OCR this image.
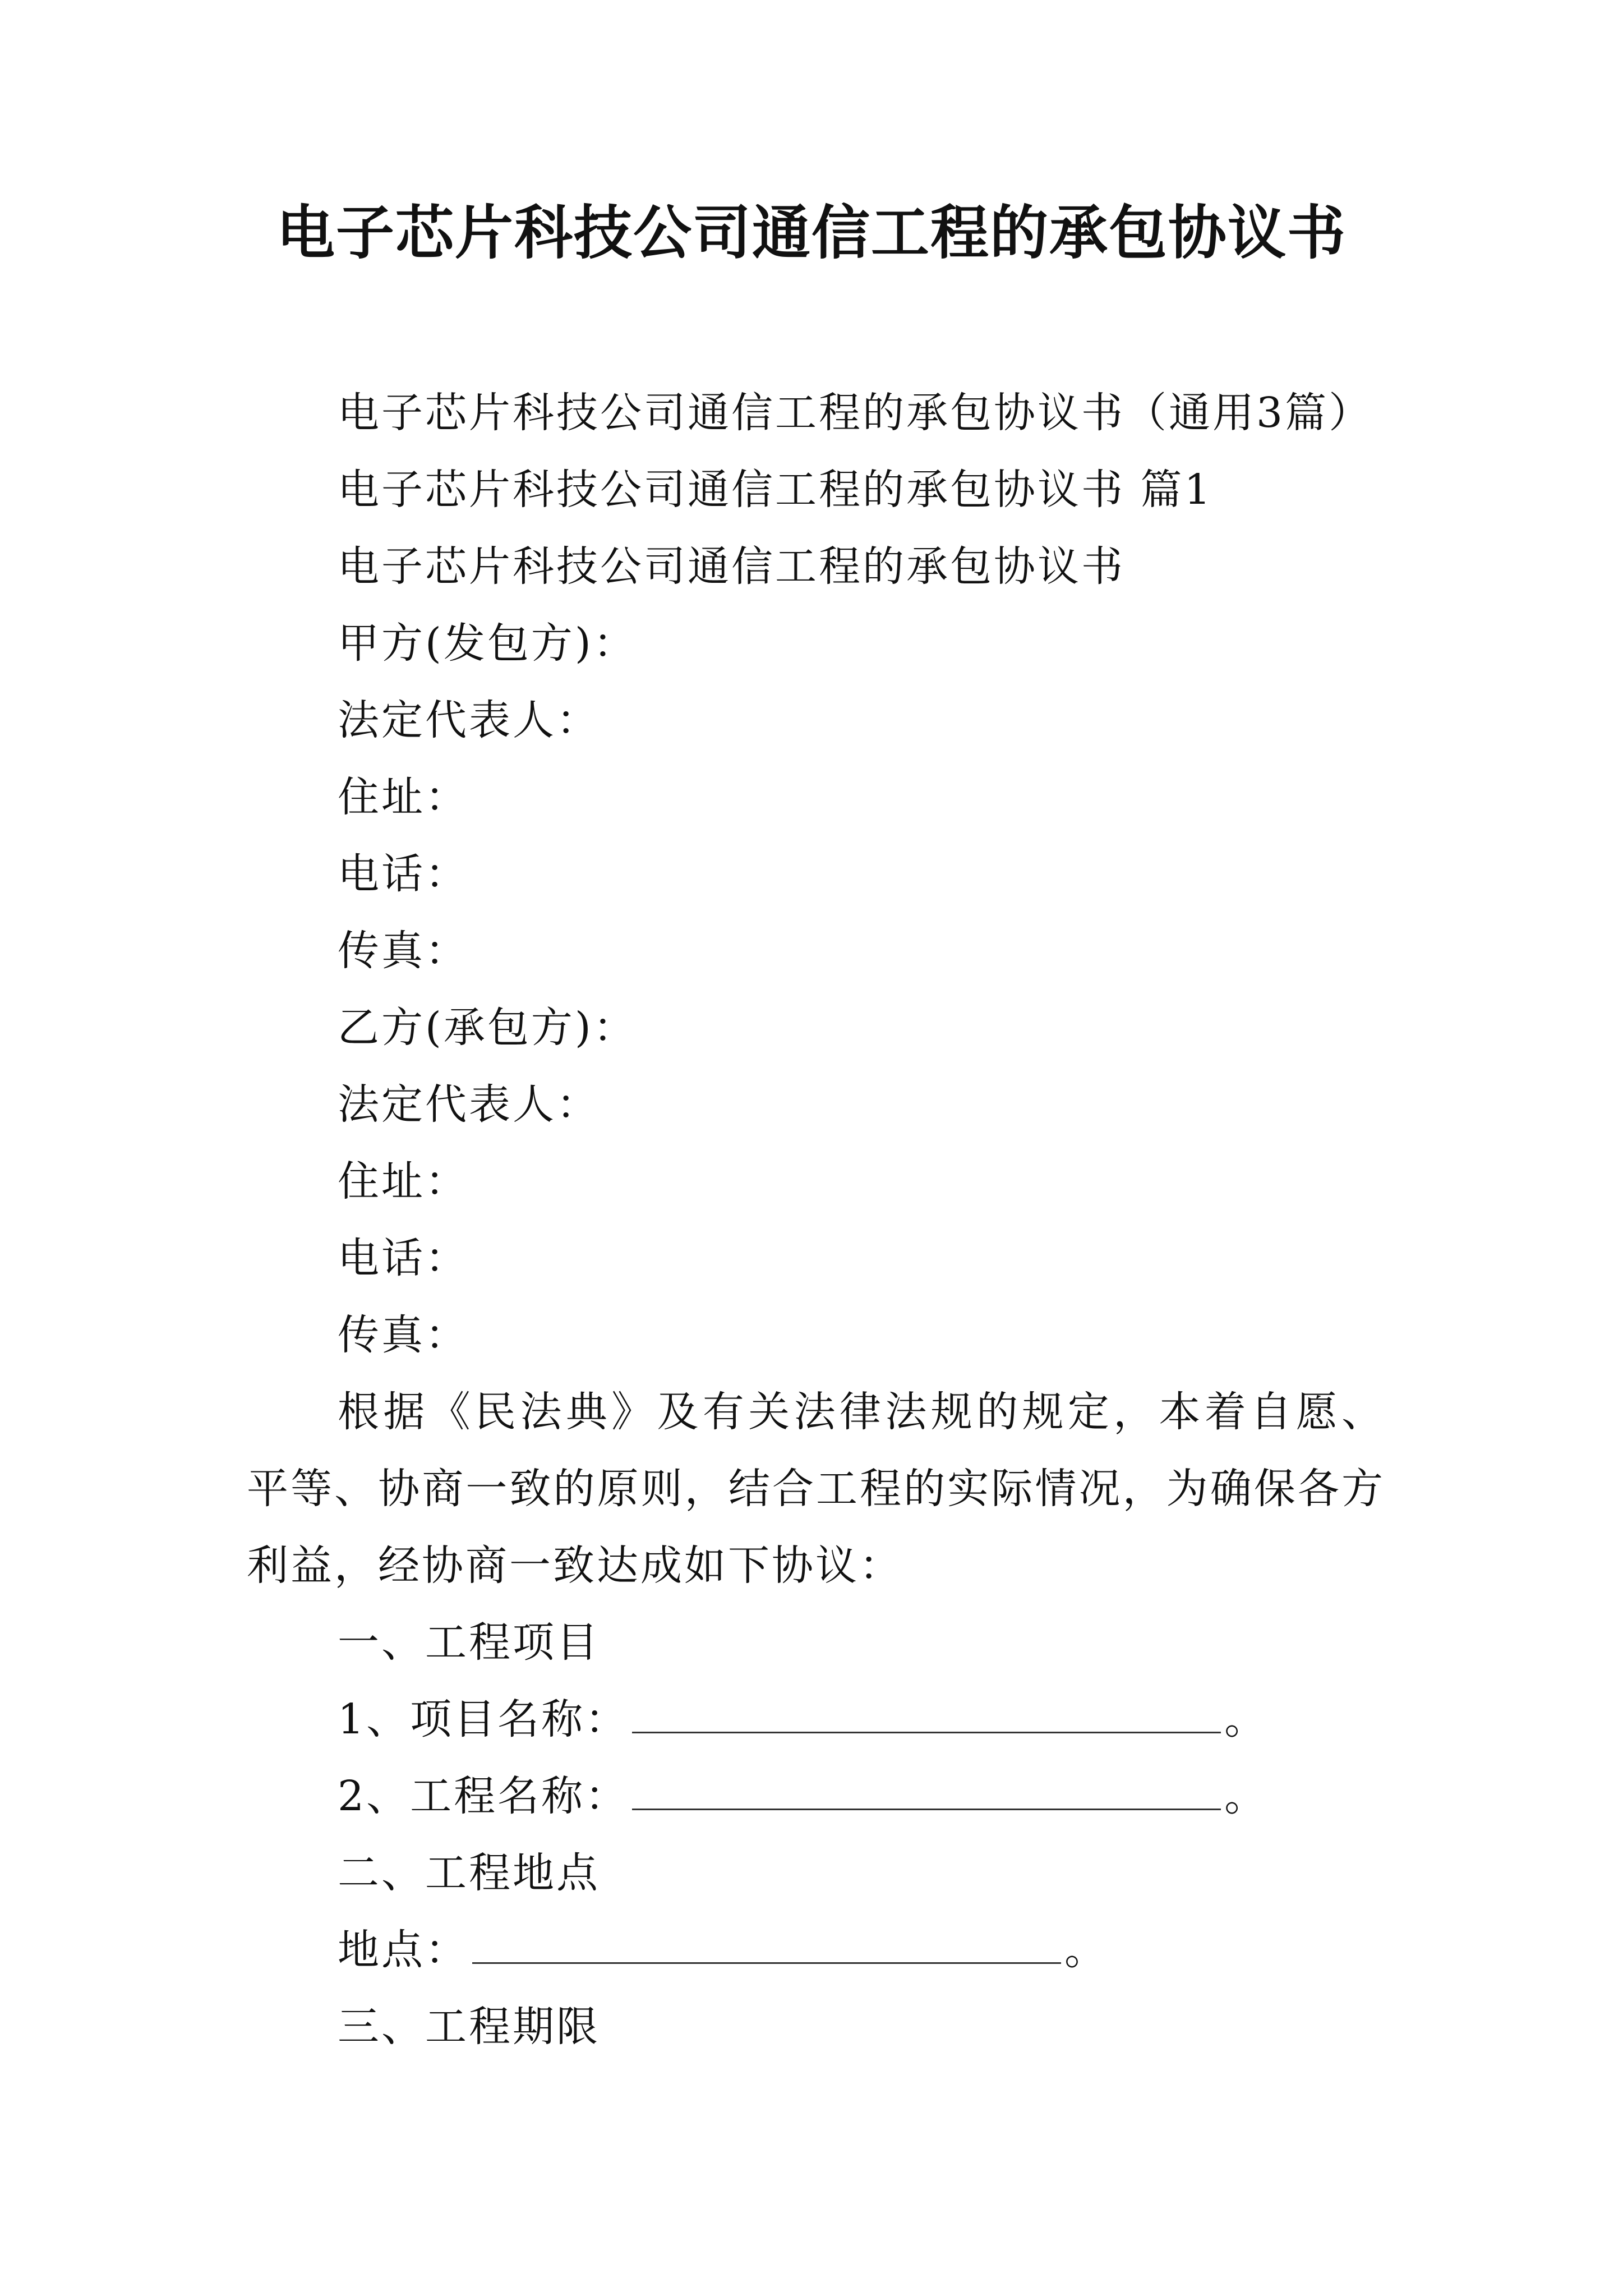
电子芯片科技公司通信工程的承包协议书
电子芯片科技公司通信工程的承包协议书（通用3篇）
电子芯片科技公司通信工程的承包协议书 篇1
电子芯片科技公司通信工程的承包协议书
甲方(发包方)：
法定代表人：
住址：
电话：
传真：
乙方(承包方)：
法定代表人：
住址：
电话：
传真：

根据《民法典》及有关法律法规的规定，本着自愿、平等、协商一致的原则，结合工程的实际情况，为确保各方利益，经协商一致达成如下协议：

一、工程项目
1、项目名称：	。
2、工程名称：	。
二、工程地点
地点：	。
三、工程期限
